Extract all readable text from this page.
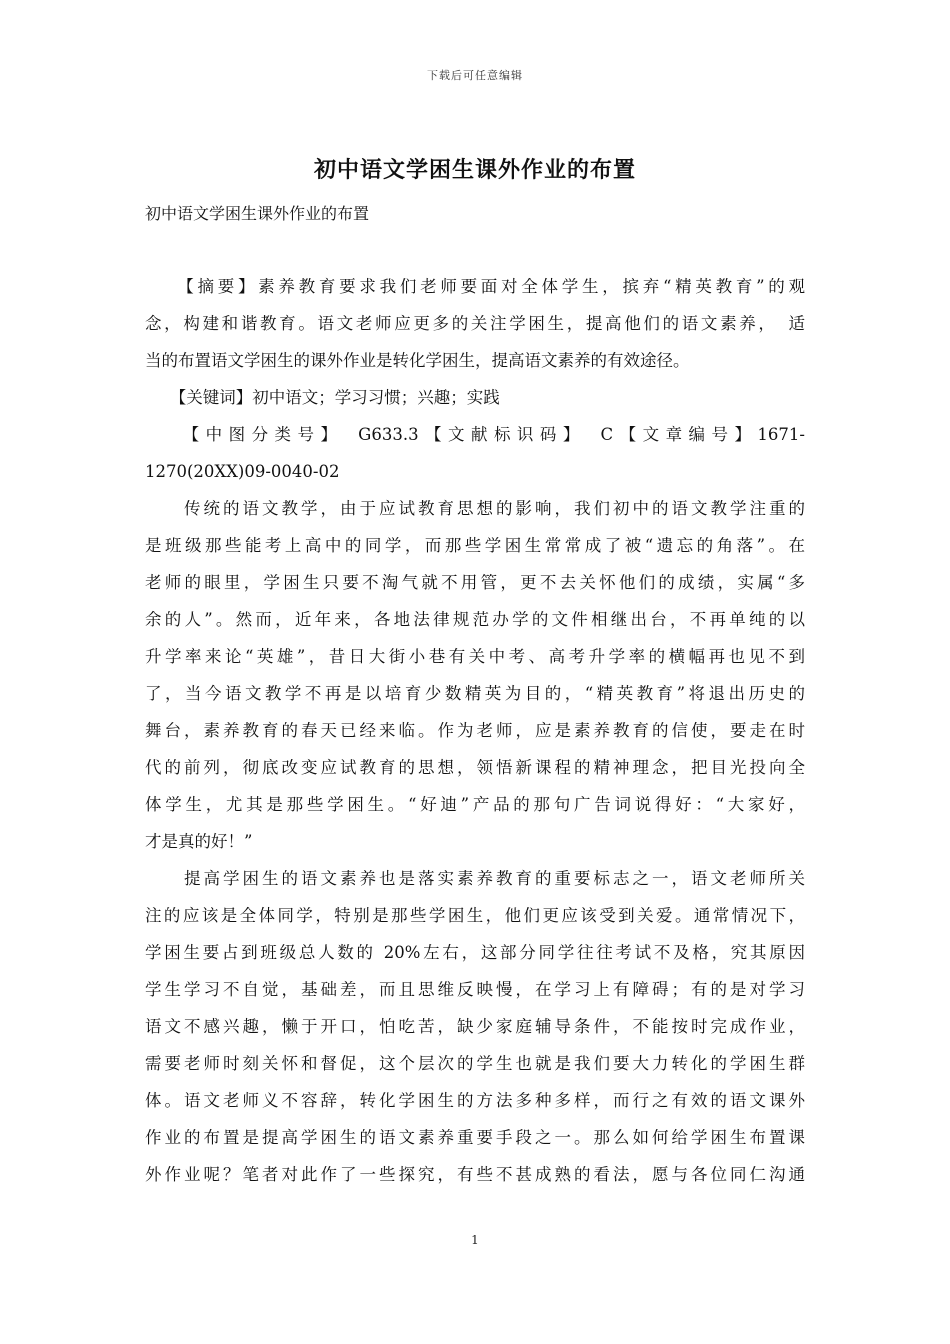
下载后可任意编辑
初中语文学困生课外作业的布置
初中语文学困生课外作业的布置
　　【摘要】素养教育要求我们老师要面对全体学生，摈弃“精英教育”的观
念，构建和谐教育。语文老师应更多的关注学困生，提高他们的语文素养，　适
当的布置语文学困生的课外作业是转化学困生，提高语文素养的有效途径。
　　【关键词】初中语文；学习习惯；兴趣；实践
　　【中图分类号】　G633.3【文献标识码】　C【文章编号】1671-
1270(20XX)09-0040-02
　　传统的语文教学，由于应试教育思想的影响，我们初中的语文教学注重的
是班级那些能考上高中的同学，而那些学困生常常成了被“遗忘的角落”。在
老师的眼里，学困生只要不淘气就不用管，更不去关怀他们的成绩，实属“多
余的人”。然而，近年来，各地法律规范办学的文件相继出台，不再单纯的以
升学率来论“英雄”，昔日大街小巷有关中考、高考升学率的横幅再也见不到
了，当今语文教学不再是以培育少数精英为目的，“精英教育”将退出历史的
舞台，素养教育的春天已经来临。作为老师，应是素养教育的信使，要走在时
代的前列，彻底改变应试教育的思想，领悟新课程的精神理念，把目光投向全
体学生，尤其是那些学困生。“好迪”产品的那句广告词说得好：“大家好，
才是真的好！”
　　提高学困生的语文素养也是落实素养教育的重要标志之一，语文老师所关
注的应该是全体同学，特别是那些学困生，他们更应该受到关爱。通常情况下，
学困生要占到班级总人数的 20%左右，这部分同学往往考试不及格，究其原因
学生学习不自觉，基础差，而且思维反映慢，在学习上有障碍；有的是对学习
语文不感兴趣，懒于开口，怕吃苦，缺少家庭辅导条件，不能按时完成作业，
需要老师时刻关怀和督促，这个层次的学生也就是我们要大力转化的学困生群
体。语文老师义不容辞，转化学困生的方法多种多样，而行之有效的语文课外
作业的布置是提高学困生的语文素养重要手段之一。那么如何给学困生布置课
外作业呢？笔者对此作了一些探究，有些不甚成熟的看法，愿与各位同仁沟通
1
